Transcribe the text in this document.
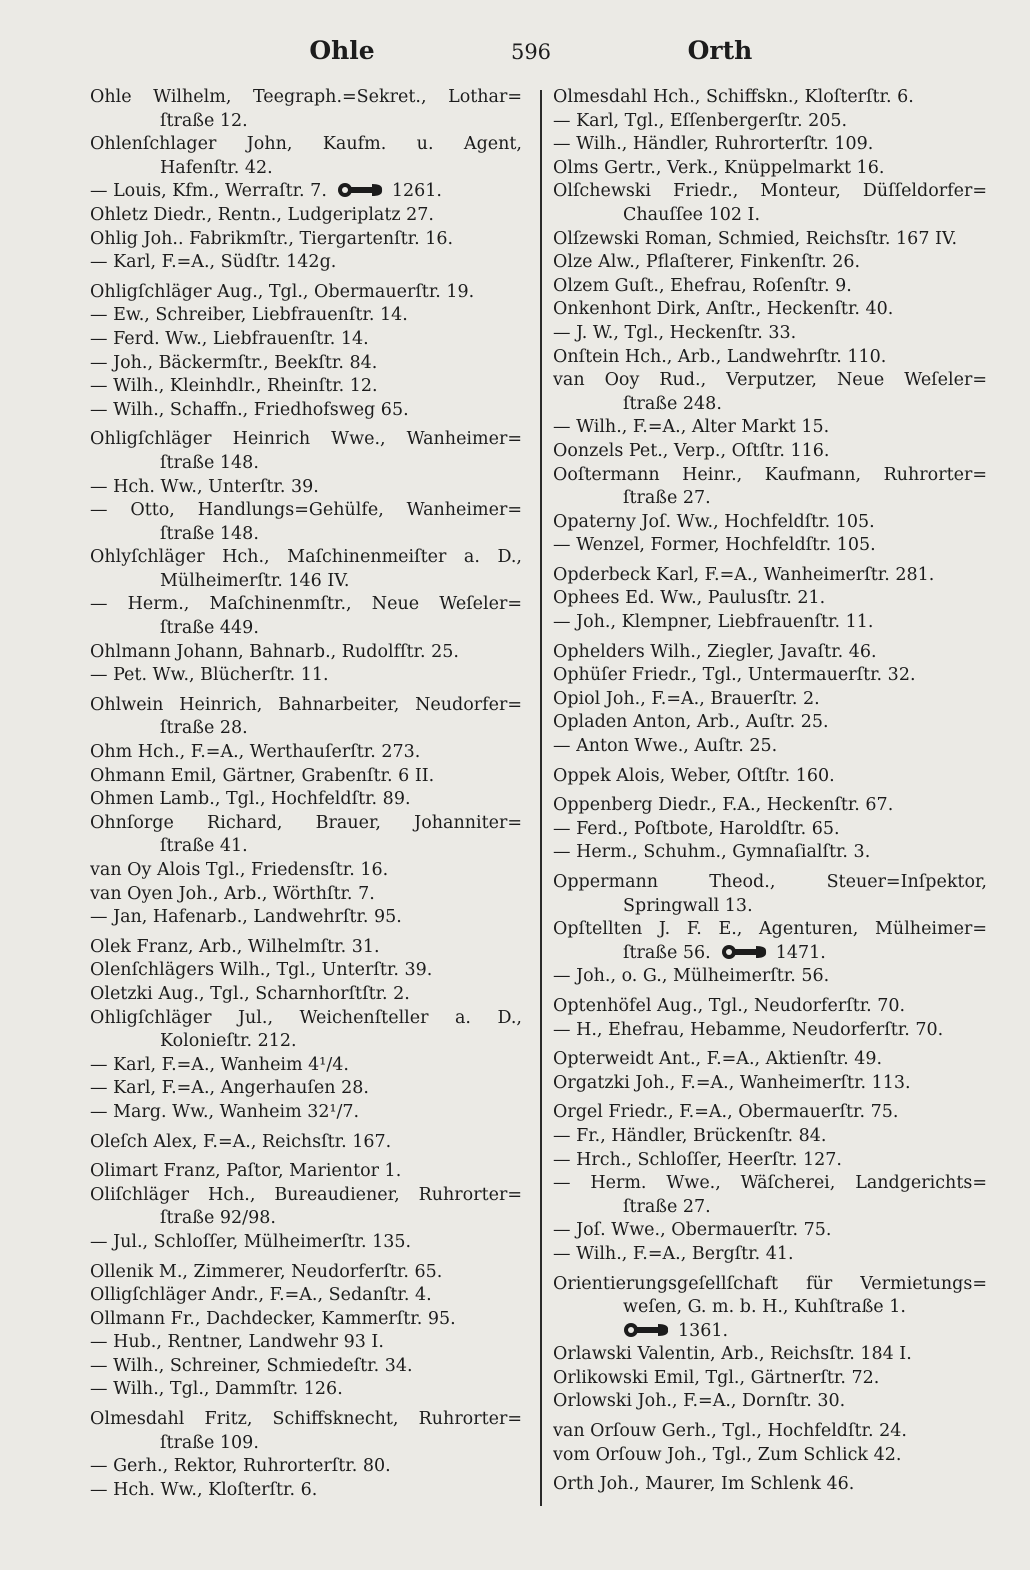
Ohle	596	Orth
Ohle Wilhelm, Teegraph.=Sekret., Lothar=
ſtraße 12.
Ohlenſchlager John, Kaufm. u. Agent,
Hafenſtr. 42.
— Louis, Kfm., Werraſtr. 7.	1261.
Ohletz Diedr., Rentn., Ludgeriplatz 27.
Ohlig Joh.. Fabrikmſtr., Tiergartenſtr. 16.
— Karl, F.=A., Südſtr. 142g.
Ohligſchläger Aug., Tgl., Obermauerſtr. 19.
— Ew., Schreiber, Liebfrauenſtr. 14.
— Ferd. Ww., Liebfrauenſtr. 14.
— Joh., Bäckermſtr., Beekſtr. 84.
— Wilh., Kleinhdlr., Rheinſtr. 12.
— Wilh., Schaffn., Friedhofsweg 65.
Ohligſchläger Heinrich Wwe., Wanheimer=
ſtraße 148.
— Hch. Ww., Unterſtr. 39.
— Otto, Handlungs=Gehülfe, Wanheimer=
ſtraße 148.
Ohlyſchläger Hch., Maſchinenmeiſter a. D.,
Mülheimerſtr. 146 IV.
— Herm., Maſchinenmſtr., Neue Weſeler=
ſtraße 449.
Ohlmann Johann, Bahnarb., Rudolfſtr. 25.
— Pet. Ww., Blücherſtr. 11.
Ohlwein Heinrich, Bahnarbeiter, Neudorfer=
ſtraße 28.
Ohm Hch., F.=A., Werthauſerſtr. 273.
Ohmann Emil, Gärtner, Grabenſtr. 6 II.
Ohmen Lamb., Tgl., Hochfeldſtr. 89.
Ohnſorge Richard, Brauer, Johanniter=
ſtraße 41.
van Oy Alois Tgl., Friedensſtr. 16.
van Oyen Joh., Arb., Wörthſtr. 7.
— Jan, Hafenarb., Landwehrſtr. 95.
Olek Franz, Arb., Wilhelmſtr. 31.
Olenſchlägers Wilh., Tgl., Unterſtr. 39.
Oletzki Aug., Tgl., Scharnhorſtſtr. 2.
Ohligſchläger Jul., Weichenſteller a. D.,
Kolonieſtr. 212.
— Karl, F.=A., Wanheim 4¹/4.
— Karl, F.=A., Angerhauſen 28.
— Marg. Ww., Wanheim 32¹/7.
Oleſch Alex, F.=A., Reichsſtr. 167.
Olimart Franz, Paſtor, Marientor 1.
Oliſchläger Hch., Bureaudiener, Ruhrorter=
ſtraße 92/98.
— Jul., Schloſſer, Mülheimerſtr. 135.
Ollenik M., Zimmerer, Neudorferſtr. 65.
Olligſchläger Andr., F.=A., Sedanſtr. 4.
Ollmann Fr., Dachdecker, Kammerſtr. 95.
— Hub., Rentner, Landwehr 93 I.
— Wilh., Schreiner, Schmiedeſtr. 34.
— Wilh., Tgl., Dammſtr. 126.
Olmesdahl Fritz, Schiffsknecht, Ruhrorter=
ſtraße 109.
— Gerh., Rektor, Ruhrorterſtr. 80.
— Hch. Ww., Kloſterſtr. 6.
Olmesdahl Hch., Schiffskn., Kloſterſtr. 6.
— Karl, Tgl., Eſſenbergerſtr. 205.
— Wilh., Händler, Ruhrorterſtr. 109.
Olms Gertr., Verk., Knüppelmarkt 16.
Olſchewski Friedr., Monteur, Düſſeldorfer=
Chauſſee 102 I.
Olſzewski Roman, Schmied, Reichsſtr. 167 IV.
Olze Alw., Pflaſterer, Finkenſtr. 26.
Olzem Guſt., Ehefrau, Roſenſtr. 9.
Onkenhont Dirk, Anſtr., Heckenſtr. 40.
— J. W., Tgl., Heckenſtr. 33.
Onſtein Hch., Arb., Landwehrſtr. 110.
van Ooy Rud., Verputzer, Neue Weſeler=
ſtraße 248.
— Wilh., F.=A., Alter Markt 15.
Oonzels Pet., Verp., Oſtſtr. 116.
Ooſtermann Heinr., Kaufmann, Ruhrorter=
ſtraße 27.
Opaterny Joſ. Ww., Hochfeldſtr. 105.
— Wenzel, Former, Hochfeldſtr. 105.
Opderbeck Karl, F.=A., Wanheimerſtr. 281.
Ophees Ed. Ww., Paulusſtr. 21.
— Joh., Klempner, Liebfrauenſtr. 11.
Ophelders Wilh., Ziegler, Javaſtr. 46.
Ophüſer Friedr., Tgl., Untermauerſtr. 32.
Opiol Joh., F.=A., Brauerſtr. 2.
Opladen Anton, Arb., Auſtr. 25.
— Anton Wwe., Auſtr. 25.
Oppek Alois, Weber, Oſtſtr. 160.
Oppenberg Diedr., F.A., Heckenſtr. 67.
— Ferd., Poſtbote, Haroldſtr. 65.
— Herm., Schuhm., Gymnaſialſtr. 3.
Oppermann Theod., Steuer=Inſpektor,
Springwall 13.
Opſtellten J. F. E., Agenturen, Mülheimer=
ſtraße 56.	1471.
— Joh., o. G., Mülheimerſtr. 56.
Optenhöfel Aug., Tgl., Neudorferſtr. 70.
— H., Ehefrau, Hebamme, Neudorferſtr. 70.
Opterweidt Ant., F.=A., Aktienſtr. 49.
Orgatzki Joh., F.=A., Wanheimerſtr. 113.
Orgel Friedr., F.=A., Obermauerſtr. 75.
— Fr., Händler, Brückenſtr. 84.
— Hrch., Schloſſer, Heerſtr. 127.
— Herm. Wwe., Wäſcherei, Landgerichts=
ſtraße 27.
— Joſ. Wwe., Obermauerſtr. 75.
— Wilh., F.=A., Bergſtr. 41.
Orientierungsgeſellſchaft für Vermietungs=
weſen, G. m. b. H., Kuhſtraße 1.
1361.
Orlawski Valentin, Arb., Reichsſtr. 184 I.
Orlikowski Emil, Tgl., Gärtnerſtr. 72.
Orlowski Joh., F.=A., Dornſtr. 30.
van Orſouw Gerh., Tgl., Hochfeldſtr. 24.
vom Orſouw Joh., Tgl., Zum Schlick 42.
Orth Joh., Maurer, Im Schlenk 46.
